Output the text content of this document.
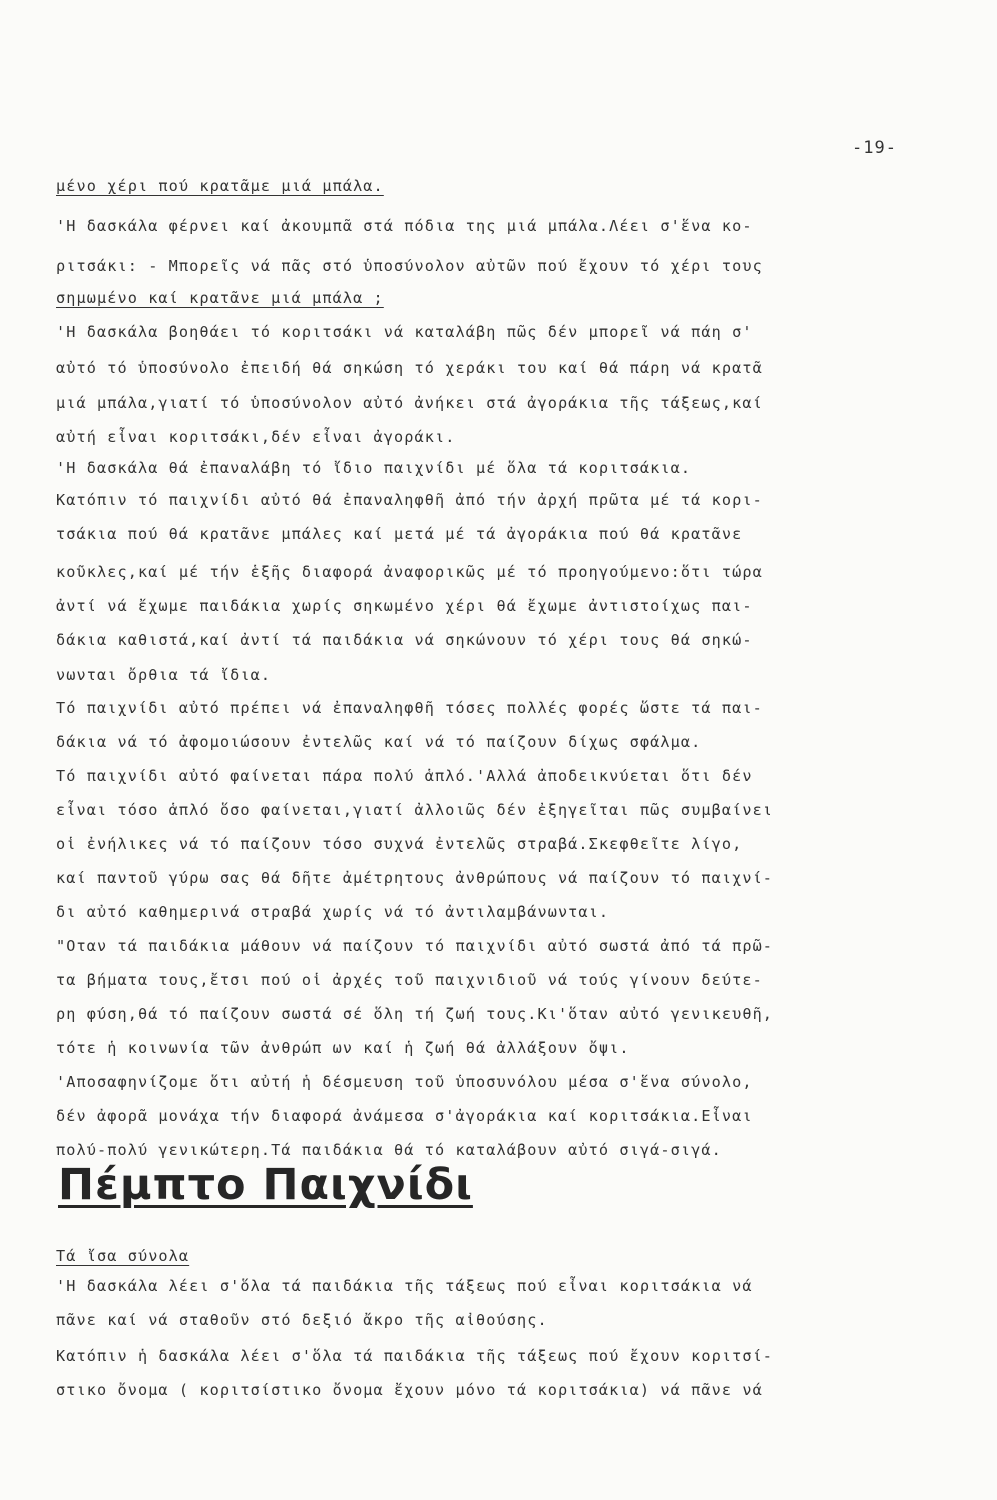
-19-
μένο χέρι πού κρατᾶμε μιά μπάλα.
'Η δασκάλα φέρνει καί ἀκουμπᾶ στά πόδια της μιά μπάλα.Λέει σ'ἕνα κο-
ριτσάκι: - Μπορεῖς νά πᾶς στό ὑποσύνολον αὐτῶν πού ἔχουν τό χέρι τους
σημωμένο καί κρατᾶνε μιά μπάλα ;
'Η δασκάλα βοηθάει τό κοριτσάκι νά καταλάβη πῶς δέν μπορεῖ νά πάη σ'
αὐτό τό ὑποσύνολο ἐπειδή θά σηκώση τό χεράκι του καί θά πάρη νά κρατᾶ
μιά μπάλα,γιατί τό ὑποσύνολον αὐτό ἀνήκει στά ἀγοράκια τῆς τάξεως,καί
αὐτή εἶναι κοριτσάκι,δέν εἶναι ἀγοράκι.
'Η δασκάλα θά ἐπαναλάβη τό ἴδιο παιχνίδι μέ ὅλα τά κοριτσάκια.
Κατόπιν τό παιχνίδι αὐτό θά ἐπαναληφθῆ ἀπό τήν ἀρχή πρῶτα μέ τά κορι-
τσάκια πού θά κρατᾶνε μπάλες καί μετά μέ τά ἀγοράκια πού θά κρατᾶνε
κοῦκλες,καί μέ τήν ἑξῆς διαφορά ἀναφορικῶς μέ τό προηγούμενο:ὅτι τώρα
ἀντί νά ἔχωμε παιδάκια χωρίς σηκωμένο χέρι θά ἔχωμε ἀντιστοίχως παι-
δάκια καθιστά,καί ἀντί τά παιδάκια νά σηκώνουν τό χέρι τους θά σηκώ-
νωνται ὄρθια τά ἴδια.
Τό παιχνίδι αὐτό πρέπει νά ἐπαναληφθῆ τόσες πολλές φορές ὥστε τά παι-
δάκια νά τό ἀφομοιώσουν ἐντελῶς καί νά τό παίζουν δίχως σφάλμα.
Τό παιχνίδι αὐτό φαίνεται πάρα πολύ ἁπλό.'Αλλά ἀποδεικνύεται ὅτι δέν
εἶναι τόσο ἁπλό ὅσο φαίνεται,γιατί ἀλλοιῶς δέν ἐξηγεῖται πῶς συμβαίνει
οἱ ἐνήλικες νά τό παίζουν τόσο συχνά ἐντελῶς στραβά.Σκεφθεῖτε λίγο,
καί παντοῦ γύρω σας θά δῆτε ἀμέτρητους ἀνθρώπους νά παίζουν τό παιχνί-
δι αὐτό καθημερινά στραβά χωρίς νά τό ἀντιλαμβάνωνται.
"Οταν τά παιδάκια μάθουν νά παίζουν τό παιχνίδι αὐτό σωστά ἀπό τά πρῶ-
τα βήματα τους,ἔτσι πού οἱ ἀρχές τοῦ παιχνιδιοῦ νά τούς γίνουν δεύτε-
ρη φύση,θά τό παίζουν σωστά σέ ὅλη τή ζωή τους.Κι'ὅταν αὐτό γενικευθῆ,
τότε ἡ κοινωνία τῶν ἀνθρώπ ων καί ἡ ζωή θά ἀλλάξουν ὄψι.
'Αποσαφηνίζομε ὅτι αὐτή ἡ δέσμευση τοῦ ὑποσυνόλου μέσα σ'ἕνα σύνολο,
δέν ἀφορᾶ μονάχα τήν διαφορά ἀνάμεσα σ'ἀγοράκια καί κοριτσάκια.Εἶναι
πολύ-πολύ γενικώτερη.Τά παιδάκια θά τό καταλάβουν αὐτό σιγά-σιγά.
Πέμπτο Παιχνίδι
Τά ἴσα σύνολα
'Η δασκάλα λέει σ'ὅλα τά παιδάκια τῆς τάξεως πού εἶναι κοριτσάκια νά
πᾶνε καί νά σταθοῦν στό δεξιό ἄκρο τῆς αἰθούσης.
Κατόπιν ἡ δασκάλα λέει σ'ὅλα τά παιδάκια τῆς τάξεως πού ἔχουν κοριτσί-
στικο ὄνομα ( κοριτσίστικο ὄνομα ἔχουν μόνο τά κοριτσάκια) νά πᾶνε νά
